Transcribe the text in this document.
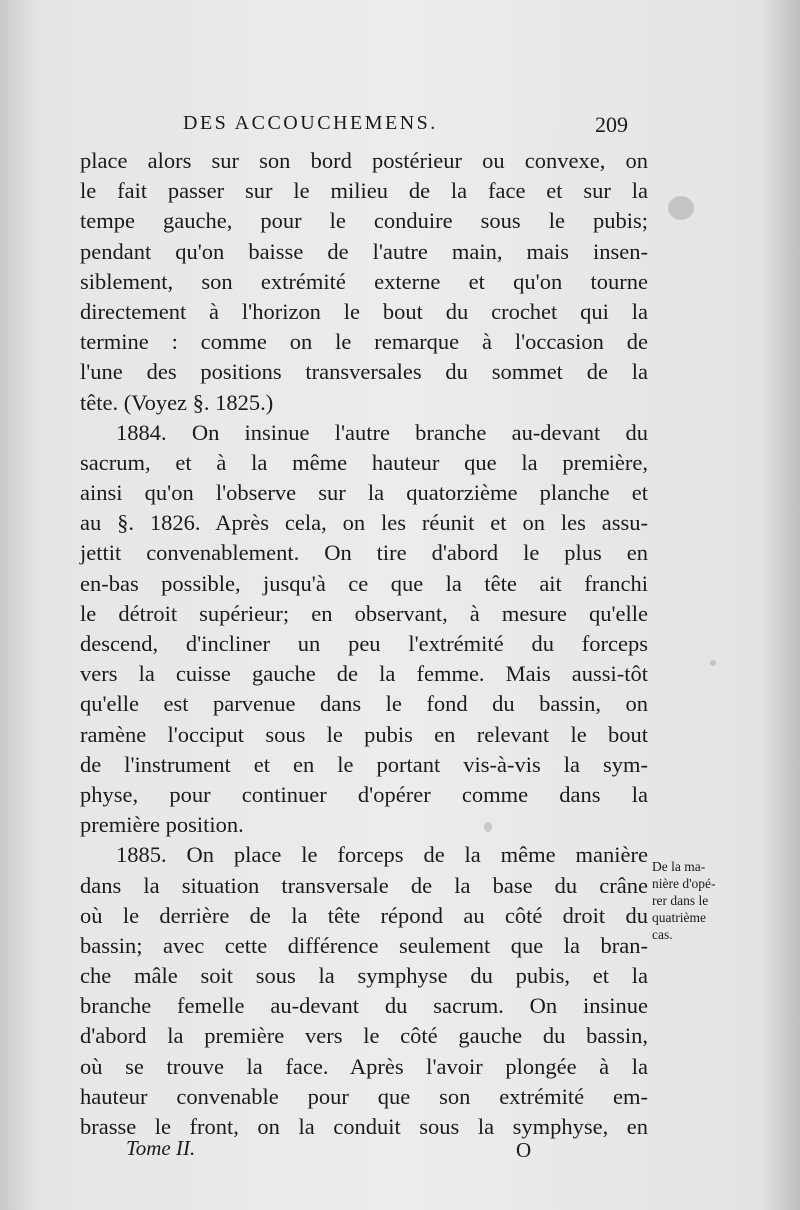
DES ACCOUCHEMENS.	209
place alors sur son bord postérieur ou convexe, on
le fait passer sur le milieu de la face et sur la
tempe gauche, pour le conduire sous le pubis;
pendant qu'on baisse de l'autre main, mais insen-
siblement, son extrémité externe et qu'on tourne
directement à l'horizon le bout du crochet qui la
termine : comme on le remarque à l'occasion de
l'une des positions transversales du sommet de la
tête. (Voyez §. 1825.)
1884. On insinue l'autre branche au-devant du
sacrum, et à la même hauteur que la première,
ainsi qu'on l'observe sur la quatorzième planche et
au §. 1826. Après cela, on les réunit et on les assu-
jettit convenablement. On tire d'abord le plus en
en-bas possible, jusqu'à ce que la tête ait franchi
le détroit supérieur; en observant, à mesure qu'elle
descend, d'incliner un peu l'extrémité du forceps
vers la cuisse gauche de la femme. Mais aussi-tôt
qu'elle est parvenue dans le fond du bassin, on
ramène l'occiput sous le pubis en relevant le bout
de l'instrument et en le portant vis-à-vis la sym-
physe, pour continuer d'opérer comme dans la
première position.
1885. On place le forceps de la même manière
dans la situation transversale de la base du crâne
où le derrière de la tête répond au côté droit du
bassin; avec cette différence seulement que la bran-
che mâle soit sous la symphyse du pubis, et la
branche femelle au-devant du sacrum. On insinue
d'abord la première vers le côté gauche du bassin,
où se trouve la face. Après l'avoir plongée à la
hauteur convenable pour que son extrémité em-
brasse le front, on la conduit sous la symphyse, en
De la ma-
nière d'opé-
rer dans le
quatrième
cas.
Tome II.	O
